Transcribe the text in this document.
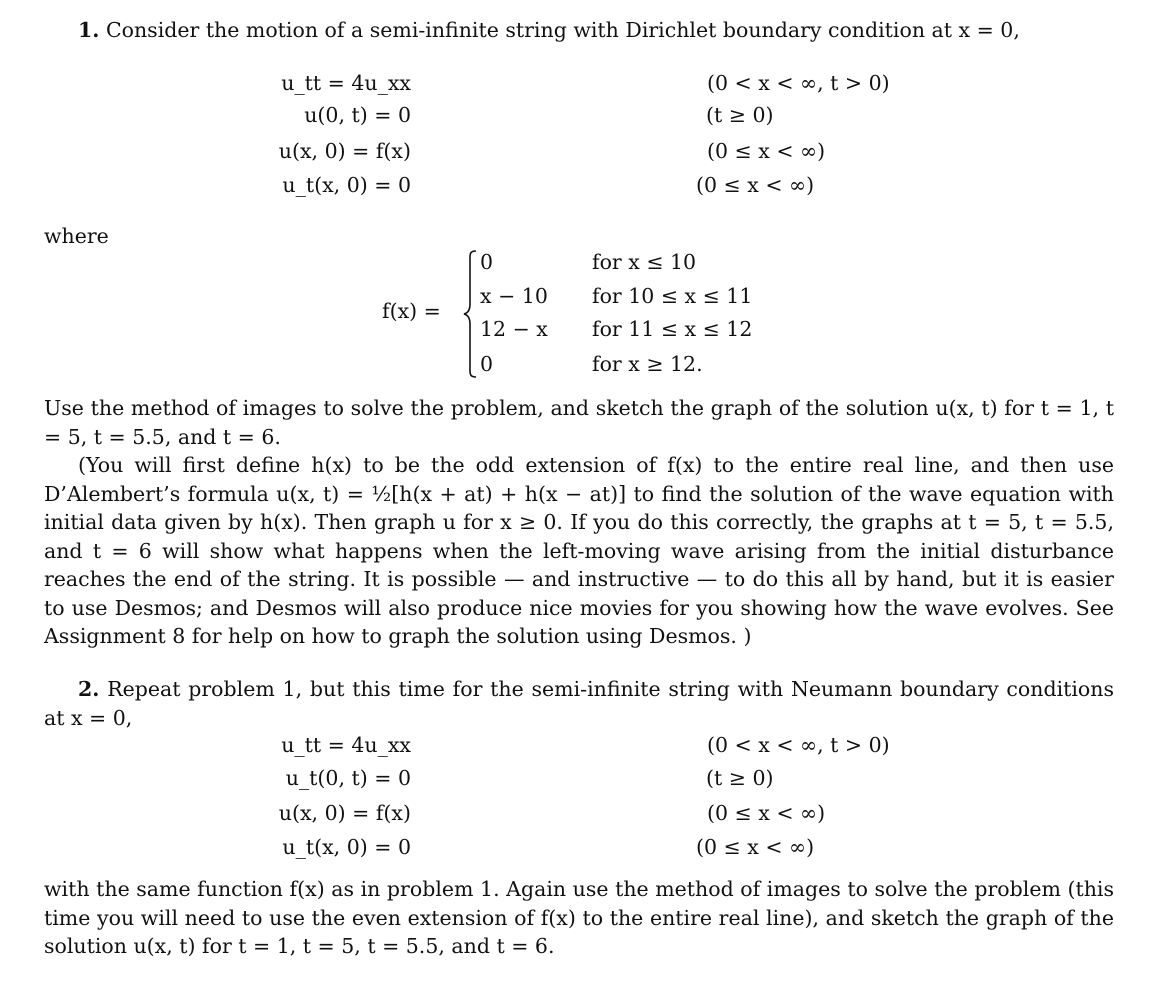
1. Consider the motion of a semi-infinite string with Dirichlet boundary condition at x = 0,
u_tt = 4u_xx	(0 < x < ∞, t > 0)
u(0, t) = 0	(t ≥ 0)
u(x, 0) = f(x)	(0 ≤ x < ∞)
u_t(x, 0) = 0	(0 ≤ x < ∞)
where
f(x) =
0	for x ≤ 10
x − 10 for 10 ≤ x ≤ 11
12 − x for 11 ≤ x ≤ 12
0	for x ≥ 12.
Use the method of images to solve the problem, and sketch the graph of the solution u(x, t) for t = 1, t = 5, t = 5.5, and t = 6.
(You will first define h(x) to be the odd extension of f(x) to the entire real line, and then use D’Alembert’s formula u(x, t) = ½[h(x + at) + h(x − at)] to find the solution of the wave equation with initial data given by h(x). Then graph u for x ≥ 0. If you do this correctly, the graphs at t = 5, t = 5.5, and t = 6 will show what happens when the left-moving wave arising from the initial disturbance reaches the end of the string. It is possible — and instructive — to do this all by hand, but it is easier to use Desmos; and Desmos will also produce nice movies for you showing how the wave evolves. See Assignment 8 for help on how to graph the solution using Desmos. )
2. Repeat problem 1, but this time for the semi-infinite string with Neumann boundary conditions at x = 0,
u_tt = 4u_xx	(0 < x < ∞, t > 0)
u_t(0, t) = 0	(t ≥ 0)
u(x, 0) = f(x)	(0 ≤ x < ∞)
u_t(x, 0) = 0	(0 ≤ x < ∞)
with the same function f(x) as in problem 1. Again use the method of images to solve the problem (this time you will need to use the even extension of f(x) to the entire real line), and sketch the graph of the solution u(x, t) for t = 1, t = 5, t = 5.5, and t = 6.
